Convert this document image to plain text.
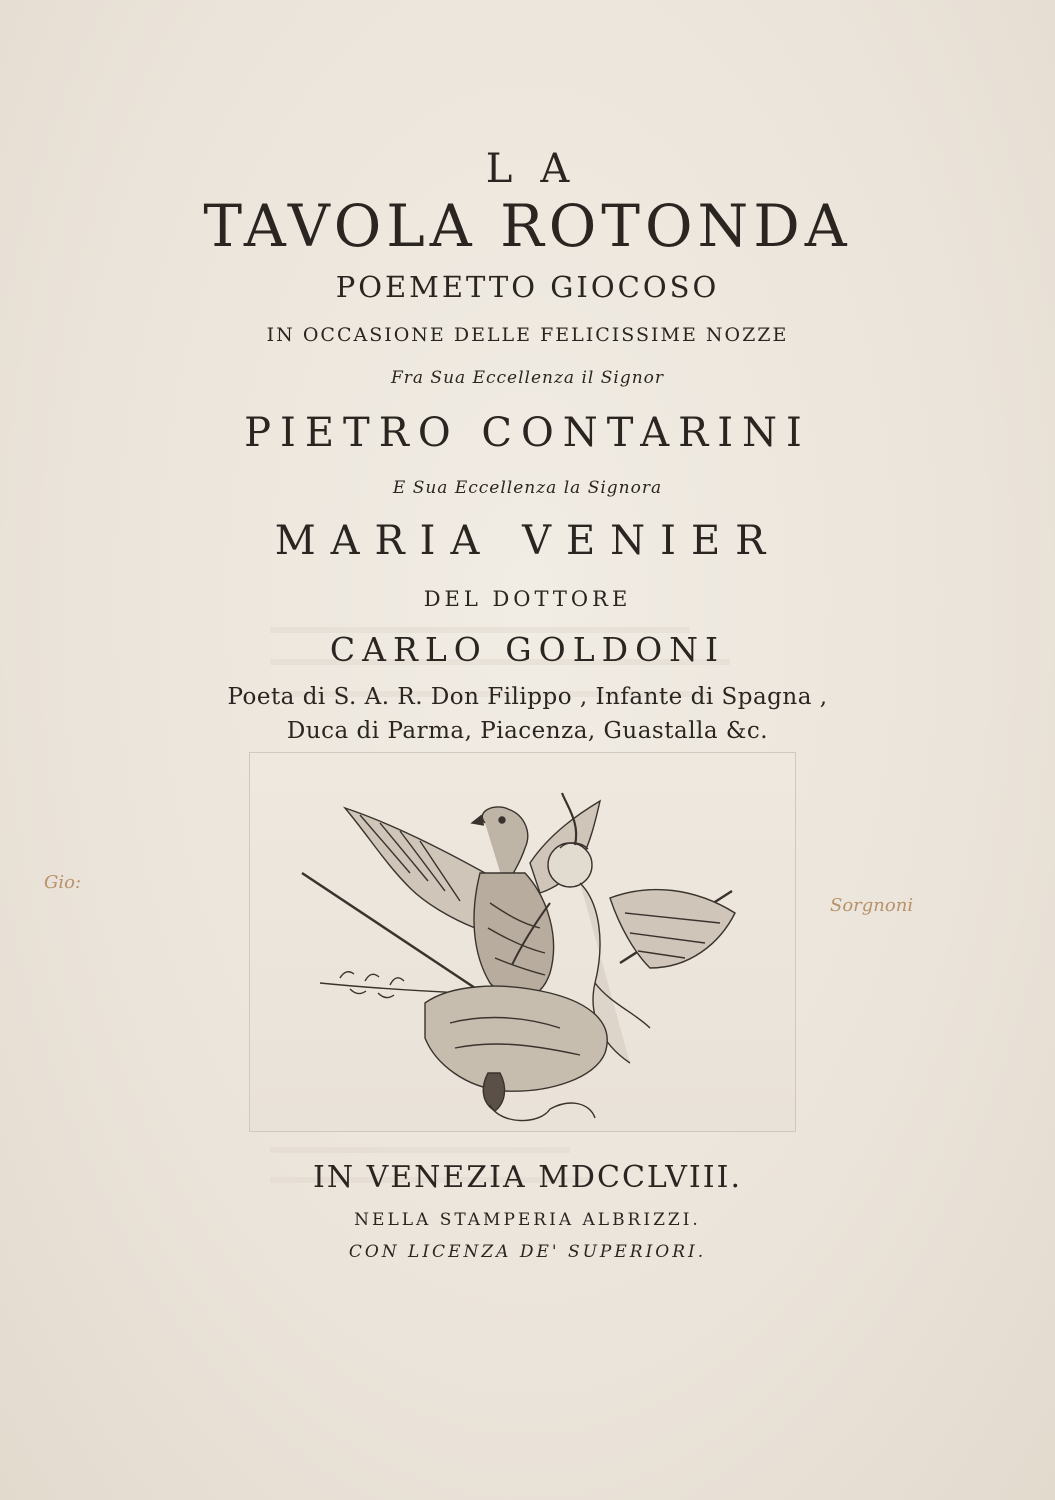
LA
TAVOLA ROTONDA

POEMETTO GIOCOSO

IN OCCASIONE DELLE FELICISSIME NOZZE

Fra Sua Eccellenza il Signor

PIETRO CONTARINI

E Sua Eccellenza la Signora

MARIA VENIER

DEL DOTTORE

CARLO GOLDONI

Poeta di S. A. R. Don Filippo , Infante di Spagna ,

Duca di Parma, Piacenza, Guastalla &c.

Gio:
Sorgnoni

IN VENEZIA MDCCLVIII.

NELLA STAMPERIA ALBRIZZI.

CON LICENZA DE' SUPERIORI.
